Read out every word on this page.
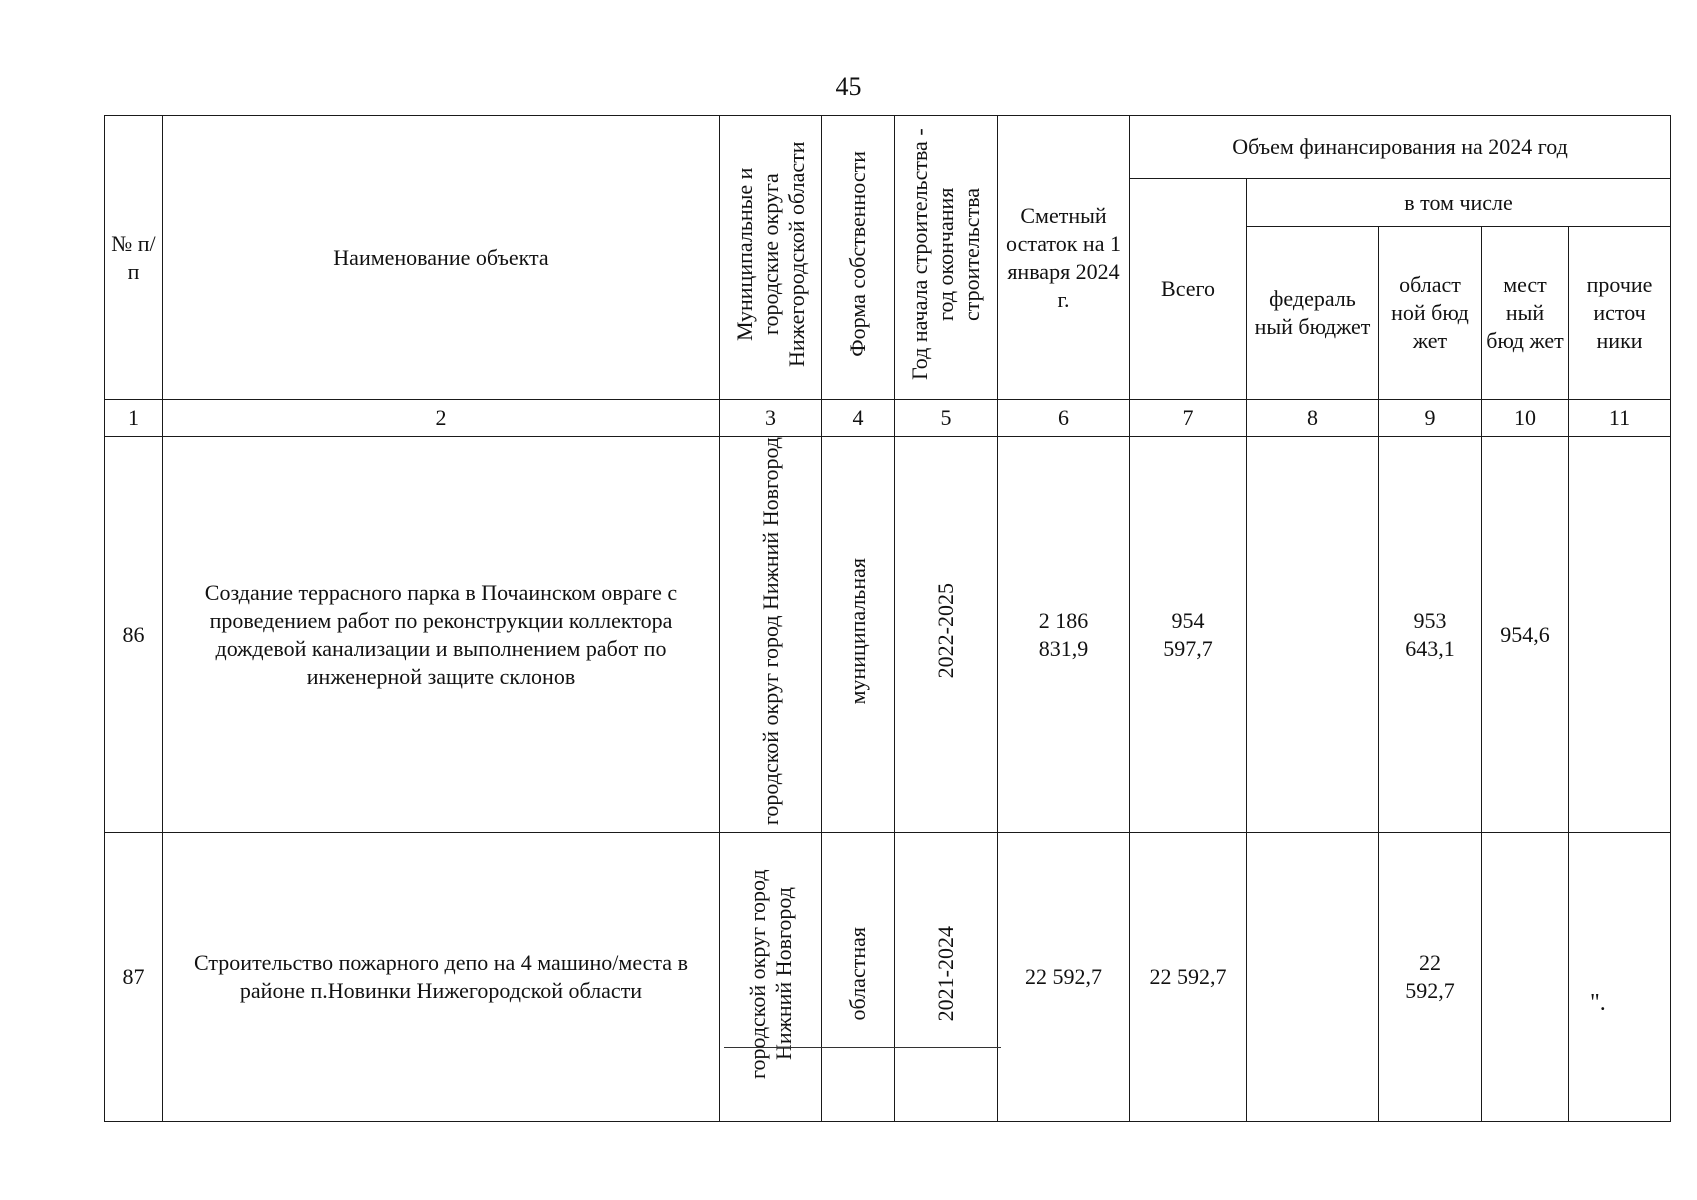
45
№ п/п	Наименование объекта	Муниципальные и городские округа Нижегородской области	Форма собственности	Год начала строительства - год окончания строительства	Сметный остаток на 1 января 2024 г.	Объем финансирования на 2024 год				
						Всего	в том числе			
							федераль ный бюджет	област ной бюд жет	мест ный бюд жет	прочие источ ники
1	2	3	4	5	6	7	8	9	10	11
86	Создание террасного парка в Почаинском овраге с проведением работ по реконструкции коллектора дождевой канализации и выполнением работ по инженерной защите склонов	городской округ город Нижний Новгород	муниципальная	2022-2025	2 186 831,9	954 597,7		953 643,1	954,6	
87	Строительство пожарного депо на 4 машино/места в районе п.Новинки Нижегородской области	городской округ город Нижний Новгород	областная	2021-2024	22 592,7	22 592,7		22 592,7			".
